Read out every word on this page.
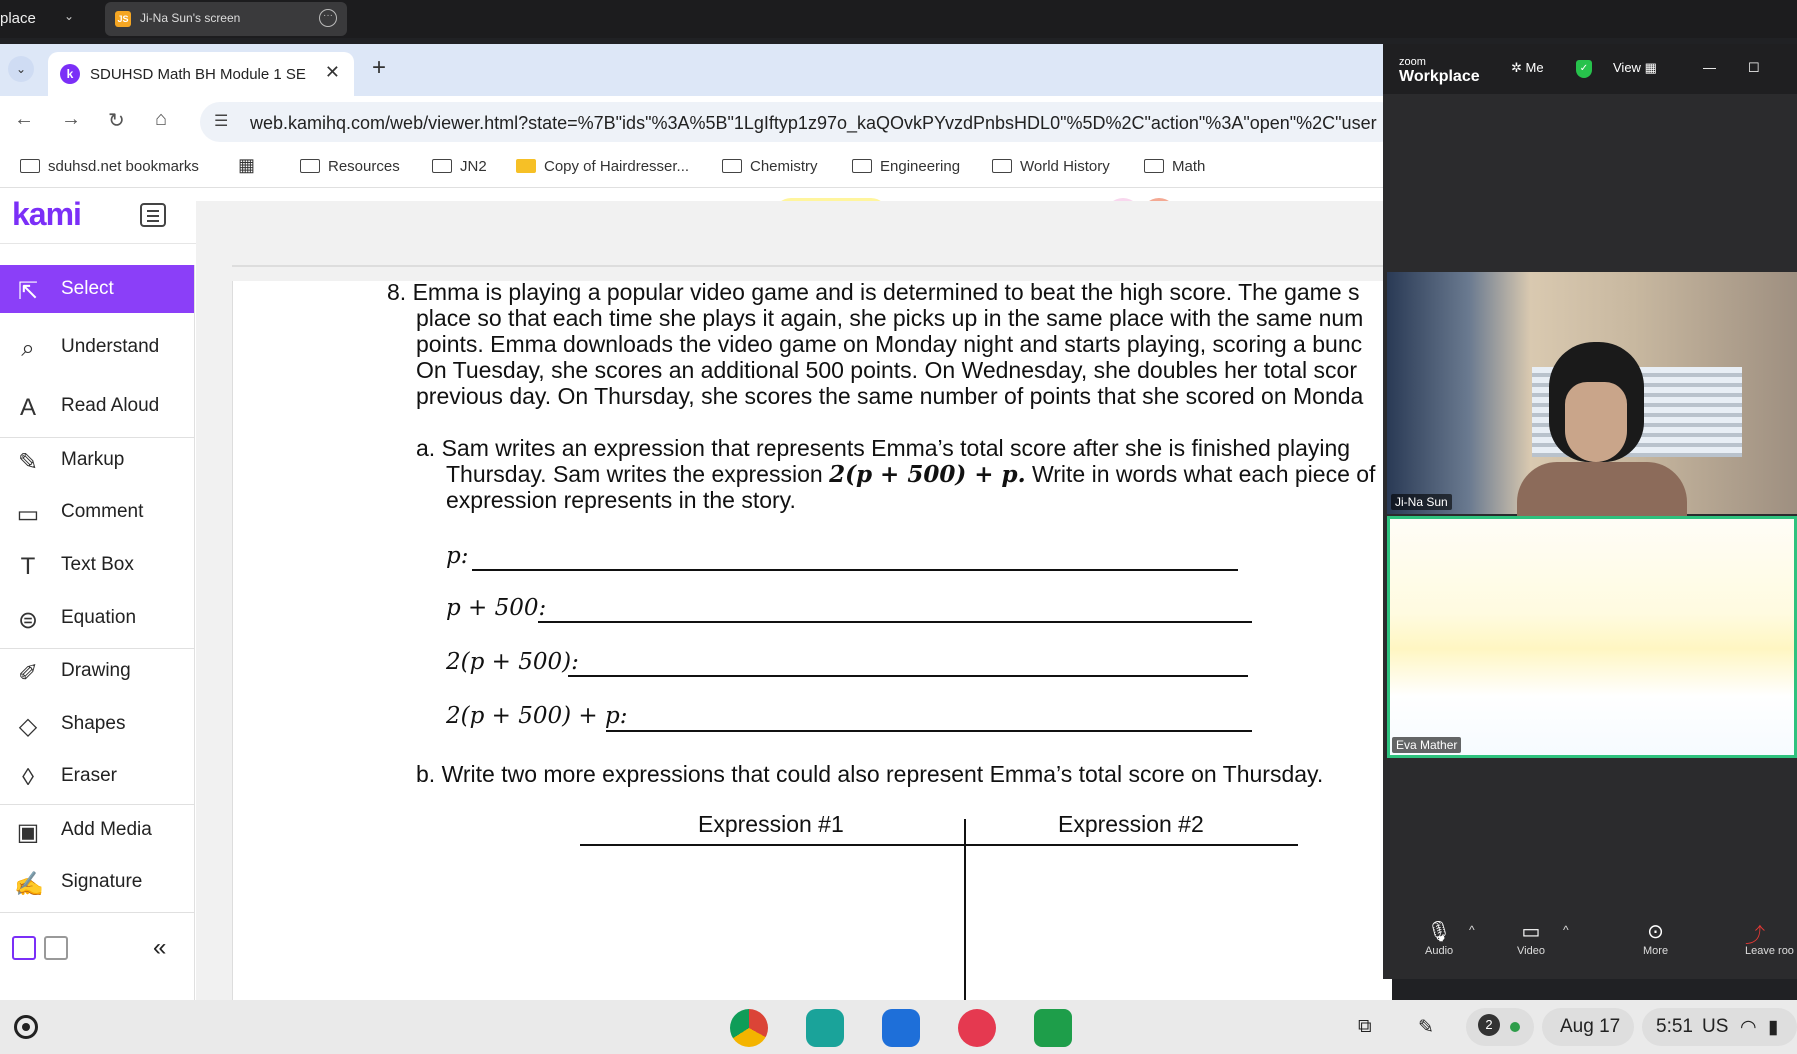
place ⌄	JS Ji-Na Sun's screen	···
⌄	k	SDUHSD Math BH Module 1 SE	✕ +
← → ↻ ⌂	☰ web.kamihq.com/web/viewer.html?state=%7B"ids"%3A%5B"1LgIftyp1z97o_kaQOvkPYvzdPnbsHDL0"%5D%2C"action"%3A"open"%2C"user
sduhsd.net bookmarks ▦	Resources	JN2	Copy of Hairdresser...	Chemistry	Engineering	World History	Math
kami
⇱ Select
⌕	Understand
A	Read Aloud
✎ Markup
▭ Comment
T	Text Box
⊜ Equation
✐ Drawing
◇ Shapes
◊	Eraser
▣ Add Media
✍ Signature
«
8. Emma is playing a popular video game and is determined to beat the high score. The game s
place so that each time she plays it again, she picks up in the same place with the same num
points. Emma downloads the video game on Monday night and starts playing, scoring a bunc
On Tuesday, she scores an additional 500 points. On Wednesday, she doubles her total scor
previous day. On Thursday, she scores the same number of points that she scored on Monda
a. Sam writes an expression that represents Emma’s total score after she is finished playing
Thursday. Sam writes the expression 2(p + 500) + p. Write in words what each piece of
expression represents in the story.
p:
p + 500:
2(p + 500):
2(p + 500) + p:
b. Write two more expressions that could also represent Emma’s total score on Thursday.
Expression #1	Expression #2
zoom
Workplace
✲ Me	✓ View ▦	— ☐
Ji-Na Sun
Eva Mather
🎙
Audio
^ ▭
Video
^	⊙
More
⤴
Leave roo
⧉ ✎	2	Aug 17 5:51 US ◠ ▮
